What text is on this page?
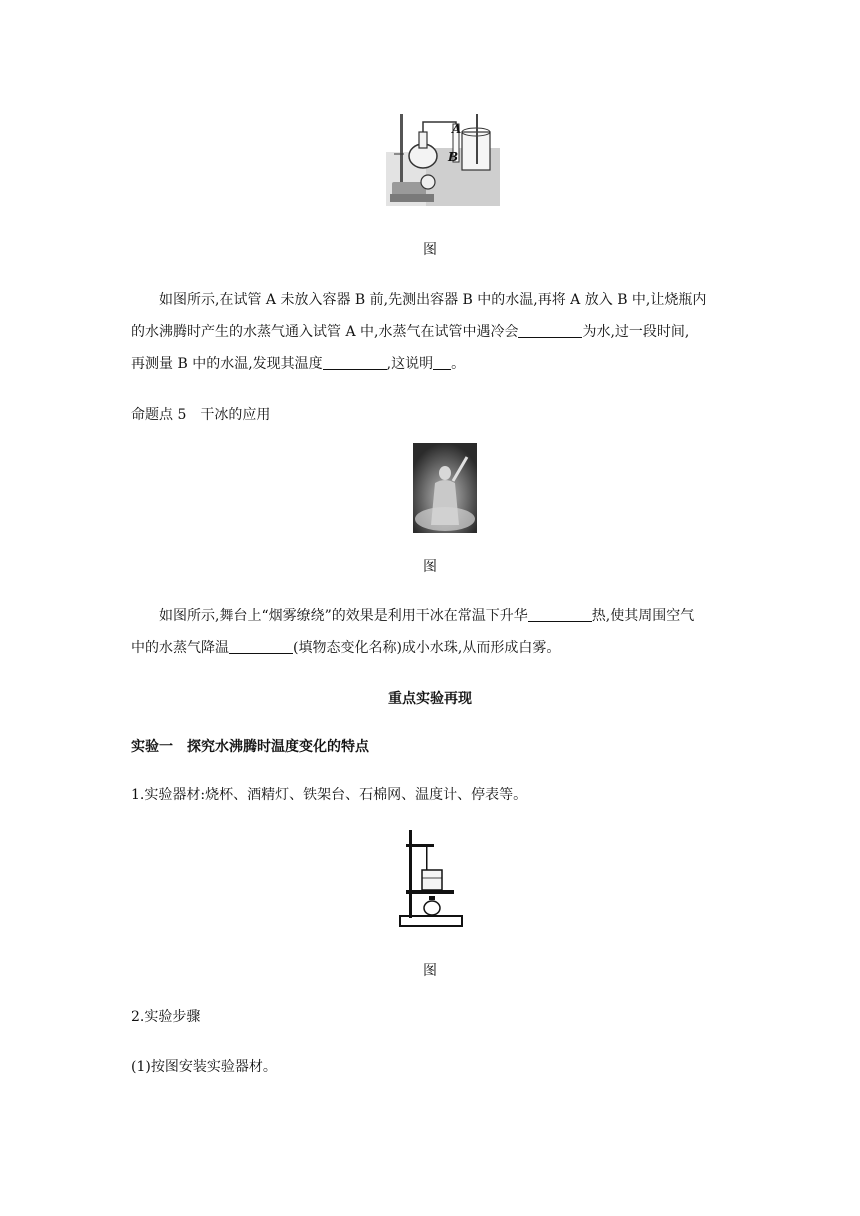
A
B
图
如图所示,在试管 A 未放入容器 B 前,先测出容器 B 中的水温,再将 A 放入 B 中,让烧瓶内
的水沸腾时产生的水蒸气通入试管 A 中,水蒸气在试管中遇冷会	为水,过一段时间,
再测量 B 中的水温,发现其温度	,这说明 。
命题点 5　干冰的应用
图
如图所示,舞台上“烟雾缭绕”的效果是利用干冰在常温下升华	热,使其周围空气
中的水蒸气降温	(填物态变化名称)成小水珠,从而形成白雾。
重点实验再现
实验一　探究水沸腾时温度变化的特点
1.实验器材:烧杯、酒精灯、铁架台、石棉网、温度计、停表等。
图
2.实验步骤
(1)按图安装实验器材。
